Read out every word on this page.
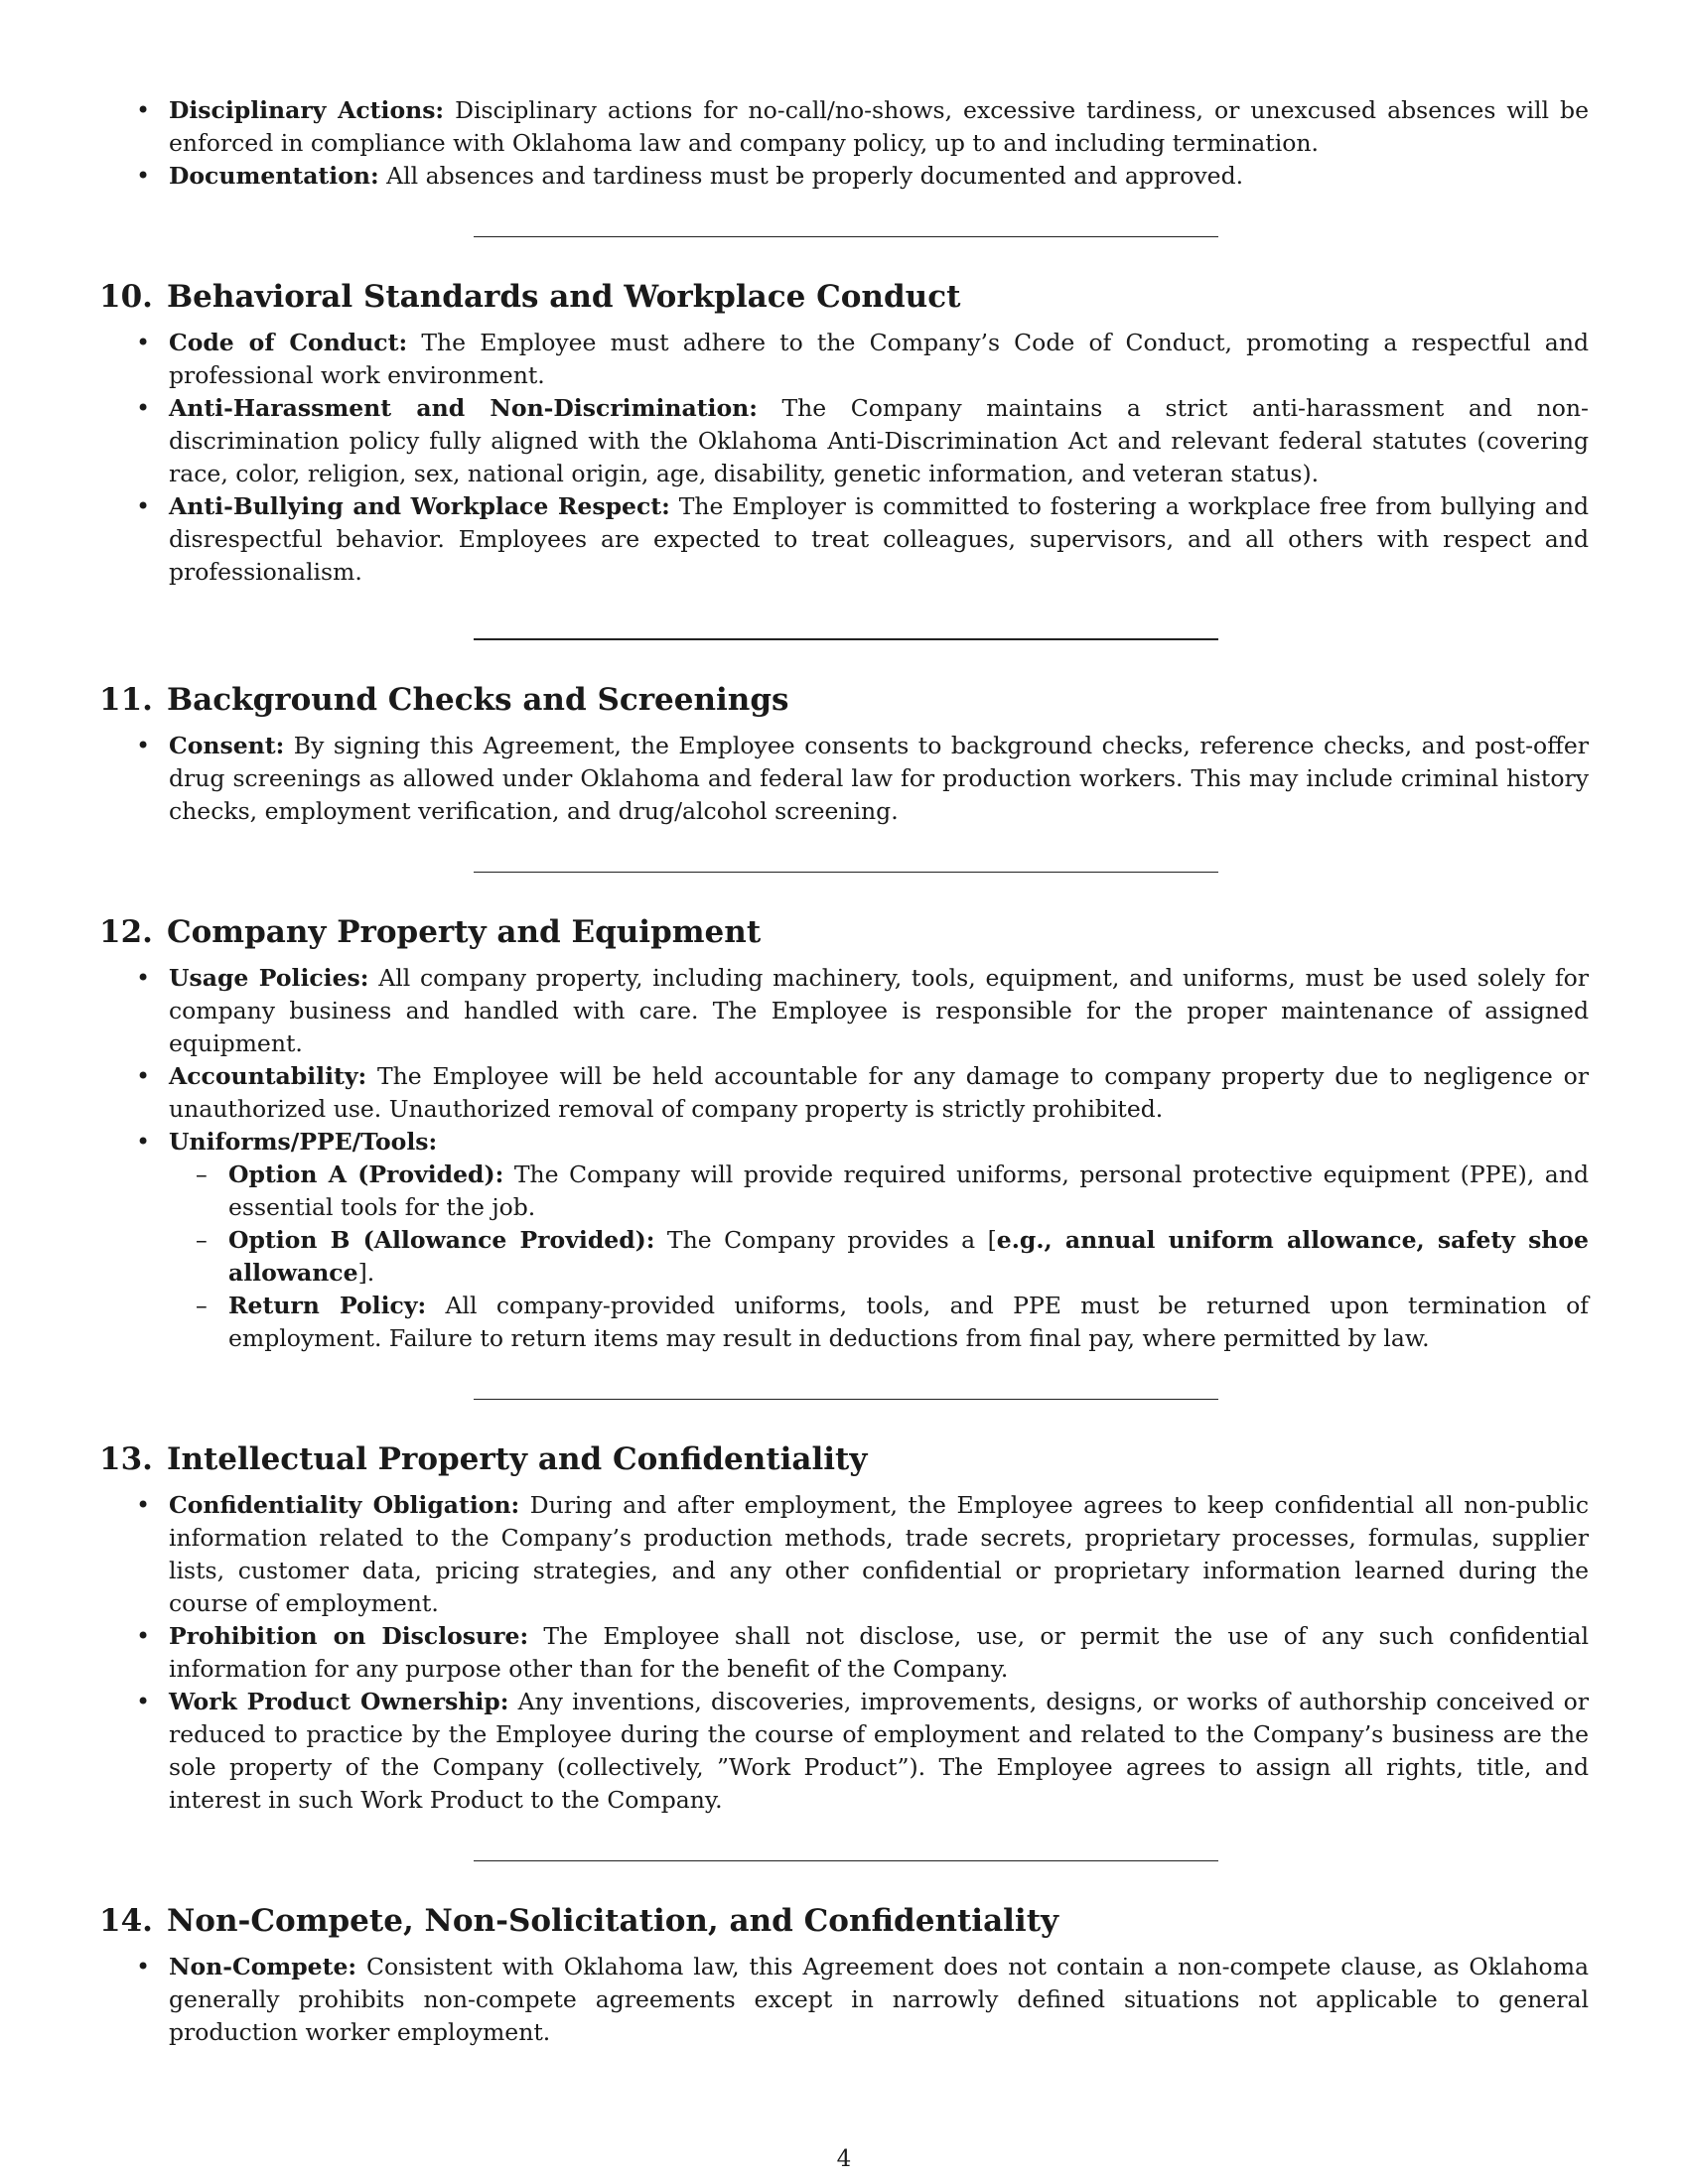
• Disciplinary Actions: Disciplinary actions for no-call/no-shows, excessive tardiness, or unexcused absences will be enforced in compliance with Oklahoma law and company policy, up to and including termination.
• Documentation: All absences and tardiness must be properly documented and approved.
10. Behavioral Standards and Workplace Conduct
• Code of Conduct: The Employee must adhere to the Company’s Code of Conduct, promoting a respectful and professional work environment.
• Anti-Harassment and Non-Discrimination: The Company maintains a strict anti-harassment and non-discrimination policy fully aligned with the Oklahoma Anti-Discrimination Act and relevant federal statutes (covering race, color, religion, sex, national origin, age, disability, genetic information, and veteran status).
• Anti-Bullying and Workplace Respect: The Employer is committed to fostering a workplace free from bullying and disrespectful behavior. Employees are expected to treat colleagues, supervisors, and all others with respect and professionalism.
11. Background Checks and Screenings
• Consent: By signing this Agreement, the Employee consents to background checks, reference checks, and post-offer drug screenings as allowed under Oklahoma and federal law for production workers. This may include criminal history checks, employment verification, and drug/alcohol screening.
12. Company Property and Equipment
• Usage Policies: All company property, including machinery, tools, equipment, and uniforms, must be used solely for company business and handled with care. The Employee is responsible for the proper maintenance of assigned equipment.
• Accountability: The Employee will be held accountable for any damage to company property due to negligence or unauthorized use. Unauthorized removal of company property is strictly prohibited.
• Uniforms/PPE/Tools:
– Option A (Provided): The Company will provide required uniforms, personal protective equipment (PPE), and essential tools for the job.
– Option B (Allowance Provided): The Company provides a [e.g., annual uniform allowance, safety shoe allowance].
– Return Policy: All company-provided uniforms, tools, and PPE must be returned upon termination of employment. Failure to return items may result in deductions from final pay, where permitted by law.
13. Intellectual Property and Confidentiality
• Confidentiality Obligation: During and after employment, the Employee agrees to keep confidential all non-public information related to the Company’s production methods, trade secrets, proprietary processes, formulas, supplier lists, customer data, pricing strategies, and any other confidential or proprietary information learned during the course of employment.
• Prohibition on Disclosure: The Employee shall not disclose, use, or permit the use of any such confidential information for any purpose other than for the benefit of the Company.
• Work Product Ownership: Any inventions, discoveries, improvements, designs, or works of authorship conceived or reduced to practice by the Employee during the course of employment and related to the Company’s business are the sole property of the Company (collectively, ”Work Product”). The Employee agrees to assign all rights, title, and interest in such Work Product to the Company.
14. Non-Compete, Non-Solicitation, and Confidentiality
• Non-Compete: Consistent with Oklahoma law, this Agreement does not contain a non-compete clause, as Oklahoma generally prohibits non-compete agreements except in narrowly defined situations not applicable to general production worker employment.
4
